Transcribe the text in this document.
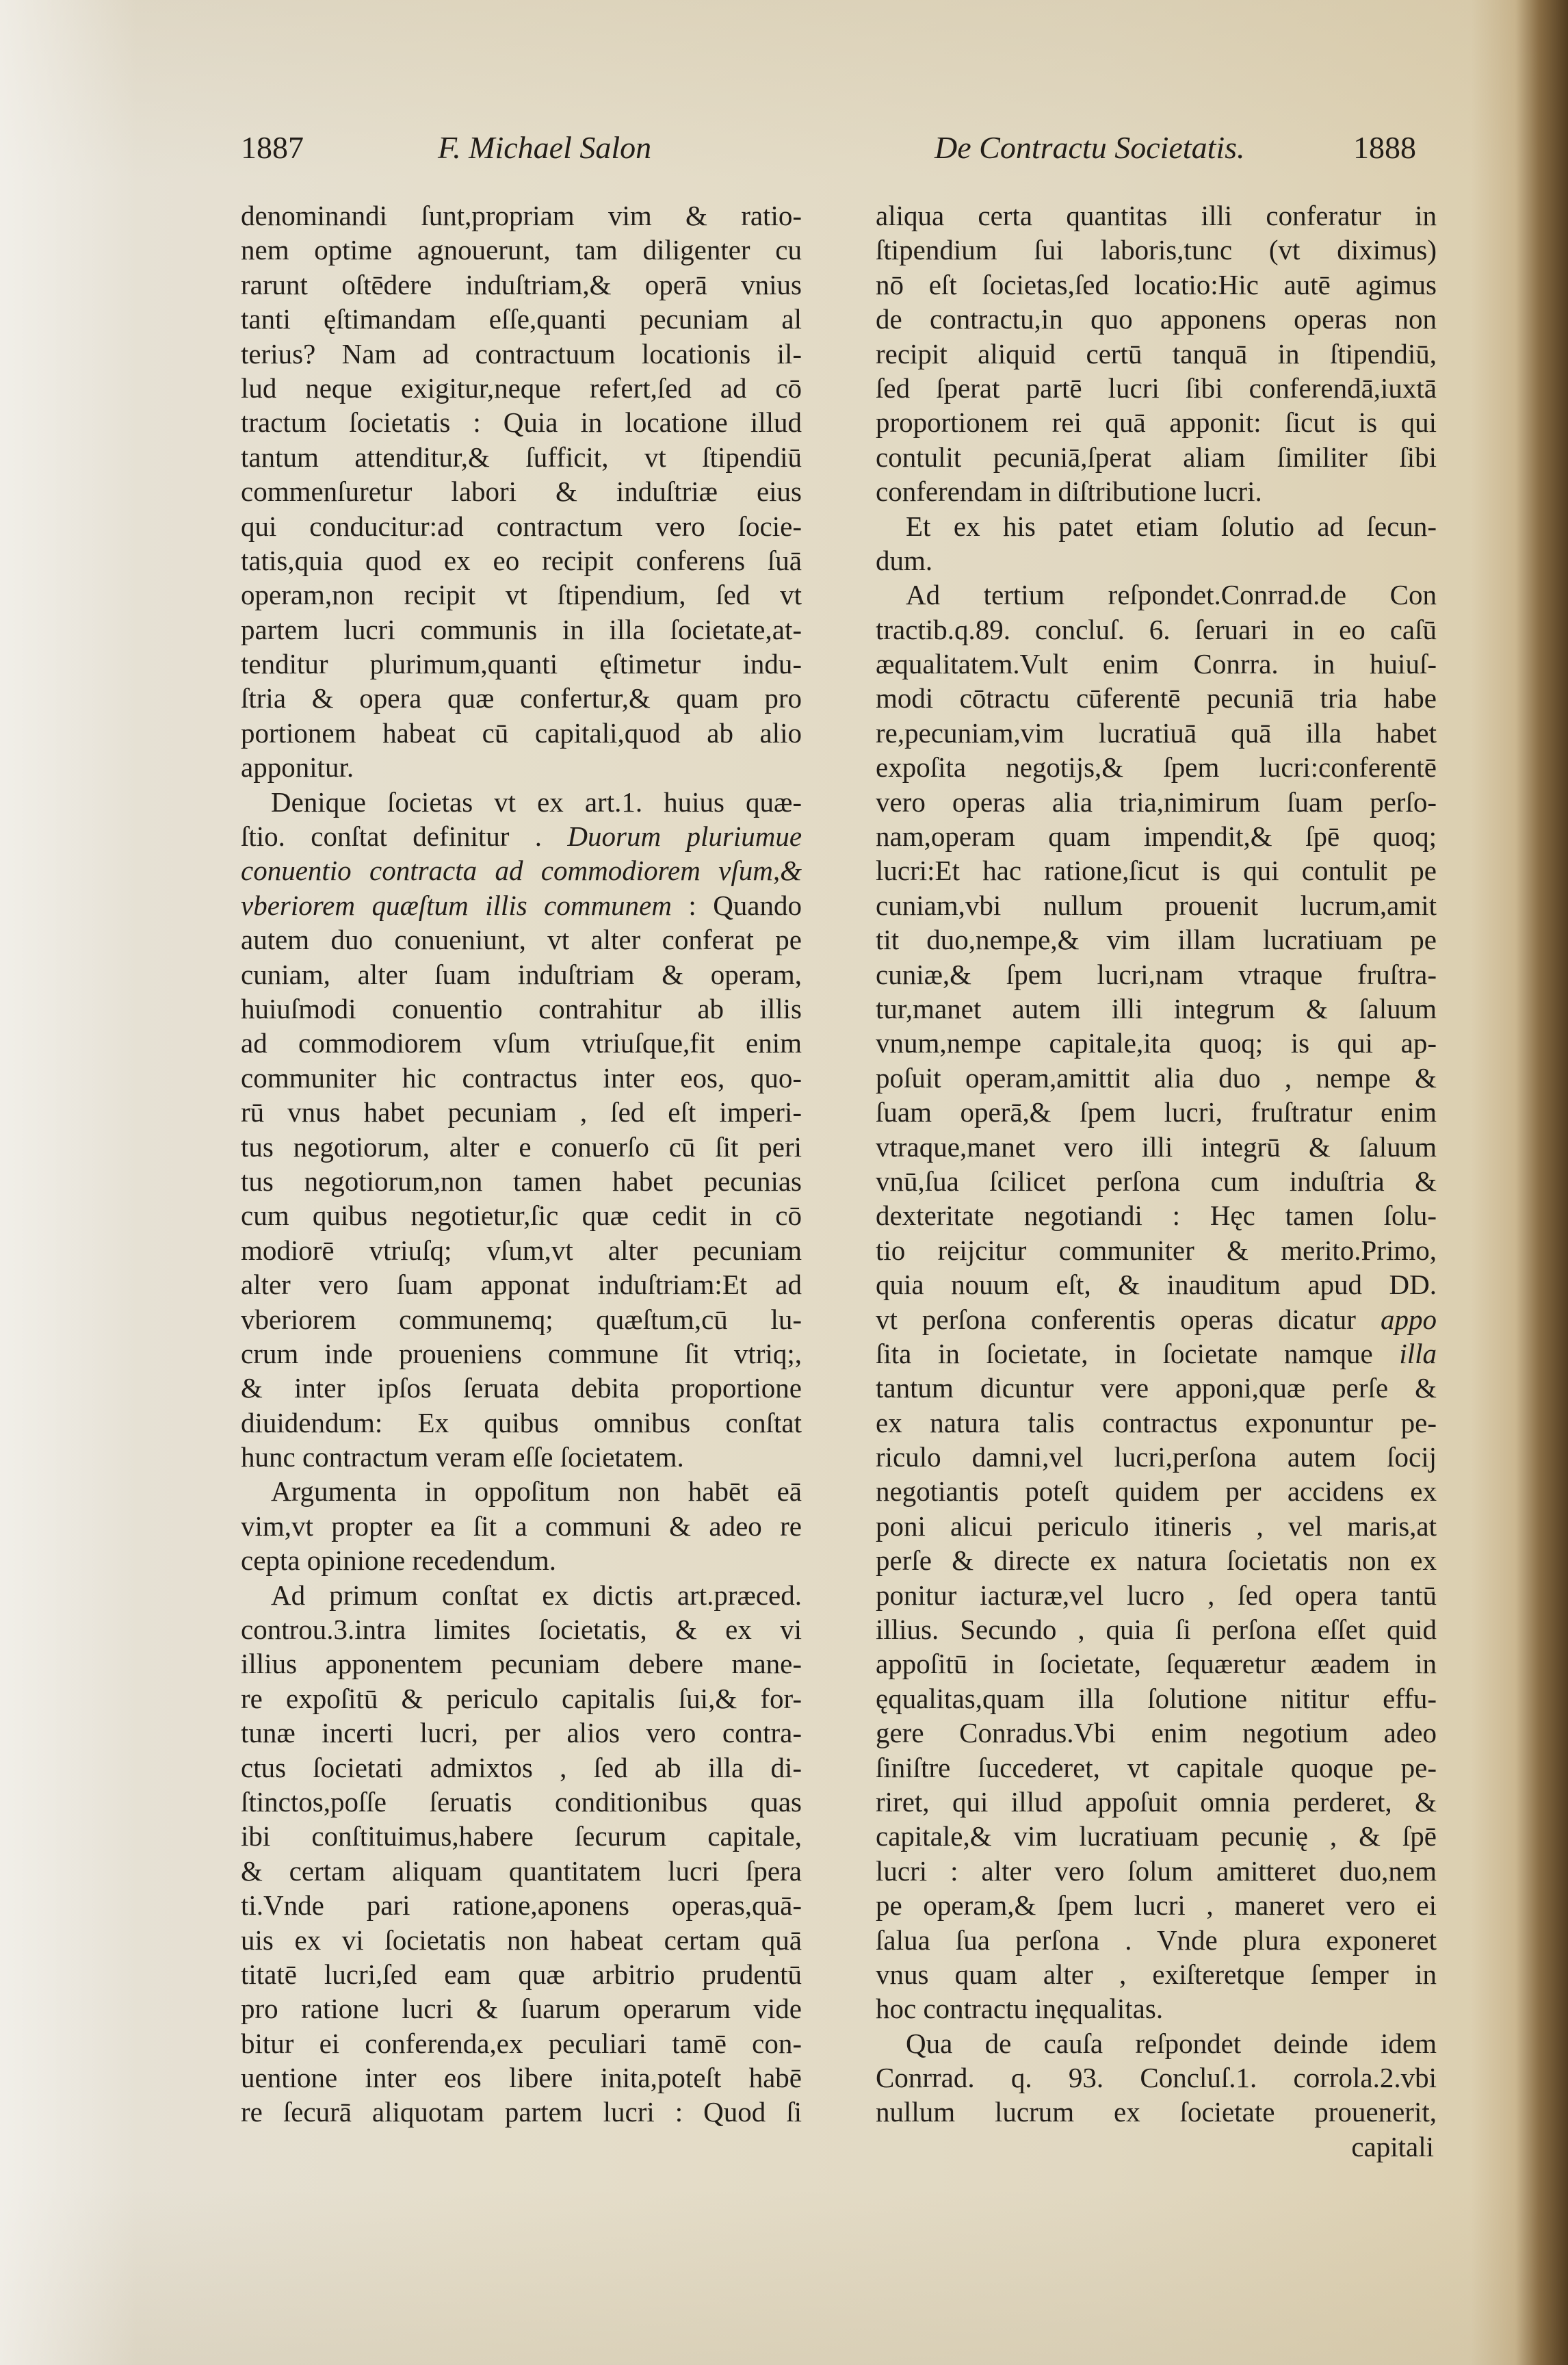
1887	F. Michael Salon	De Contractu Societatis.	1888
denominandi ſunt,propriam vim & ratio-
nem optime agnouerunt, tam diligenter cu
rarunt oſtēdere induſtriam,& operā vnius
tanti ęſtimandam eſſe,quanti pecuniam al
terius? Nam ad contractuum locationis il-
lud neque exigitur,neque refert,ſed ad cō
tractum ſocietatis : Quia in locatione illud
tantum attenditur,& ſufficit, vt ſtipendiū
commenſuretur labori & induſtriæ eius
qui conducitur:ad contractum vero ſocie-
tatis,quia quod ex eo recipit conferens ſuā
operam,non recipit vt ſtipendium, ſed vt
partem lucri communis in illa ſocietate,at-
tenditur plurimum,quanti ęſtimetur indu-
ſtria & opera quæ confertur,& quam pro
portionem habeat cū capitali,quod ab alio
apponitur.
Denique ſocietas vt ex art.1. huius quæ-
ſtio. conſtat definitur . Duorum pluriumue
conuentio contracta ad commodiorem vſum,&
vberiorem quæſtum illis communem : Quando
autem duo conueniunt, vt alter conferat pe
cuniam, alter ſuam induſtriam & operam,
huiuſmodi conuentio contrahitur ab illis
ad commodiorem vſum vtriuſque,fit enim
communiter hic contractus inter eos, quo-
rū vnus habet pecuniam , ſed eſt imperi-
tus negotiorum, alter e conuerſo cū ſit peri
tus negotiorum,non tamen habet pecunias
cum quibus negotietur,ſic quæ cedit in cō
modiorē vtriuſq; vſum,vt alter pecuniam
alter vero ſuam apponat induſtriam:Et ad
vberiorem communemq; quæſtum,cū lu-
crum inde proueniens commune ſit vtriq;,
& inter ipſos ſeruata debita proportione
diuidendum: Ex quibus omnibus conſtat
hunc contractum veram eſſe ſocietatem.
Argumenta in oppoſitum non habēt eā
vim,vt propter ea ſit a communi & adeo re
cepta opinione recedendum.
Ad primum conſtat ex dictis art.præced.
controu.3.intra limites ſocietatis, & ex vi
illius apponentem pecuniam debere mane-
re expoſitū & periculo capitalis ſui,& for-
tunæ incerti lucri, per alios vero contra-
ctus ſocietati admixtos , ſed ab illa di-
ſtinctos,poſſe ſeruatis conditionibus quas
ibi conſtituimus,habere ſecurum capitale,
& certam aliquam quantitatem lucri ſpera
ti.Vnde pari ratione,aponens operas,quā-
uis ex vi ſocietatis non habeat certam quā
titatē lucri,ſed eam quæ arbitrio prudentū
pro ratione lucri & ſuarum operarum vide
bitur ei conferenda,ex peculiari tamē con-
uentione inter eos libere inita,poteſt habē
re ſecurā aliquotam partem lucri : Quod ſi
aliqua certa quantitas illi conferatur in
ſtipendium ſui laboris,tunc (vt diximus)
nō eſt ſocietas,ſed locatio:Hic autē agimus
de contractu,in quo apponens operas non
recipit aliquid certū tanquā in ſtipendiū,
ſed ſperat partē lucri ſibi conferendā,iuxtā
proportionem rei quā apponit: ſicut is qui
contulit pecuniā,ſperat aliam ſimiliter ſibi
conferendam in diſtributione lucri.
Et ex his patet etiam ſolutio ad ſecun-
dum.
Ad tertium reſpondet.Conrrad.de Con
tractib.q.89. concluſ. 6. ſeruari in eo caſū
æqualitatem.Vult enim Conrra. in huiuſ-
modi cōtractu cūferentē pecuniā tria habe
re,pecuniam,vim lucratiuā quā illa habet
expoſita negotijs,& ſpem lucri:conferentē
vero operas alia tria,nimirum ſuam perſo-
nam,operam quam impendit,& ſpē quoq;
lucri:Et hac ratione,ſicut is qui contulit pe
cuniam,vbi nullum prouenit lucrum,amit
tit duo,nempe,& vim illam lucratiuam pe
cuniæ,& ſpem lucri,nam vtraque fruſtra-
tur,manet autem illi integrum & ſaluum
vnum,nempe capitale,ita quoq; is qui ap-
poſuit operam,amittit alia duo , nempe &
ſuam operā,& ſpem lucri, fruſtratur enim
vtraque,manet vero illi integrū & ſaluum
vnū,ſua ſcilicet perſona cum induſtria &
dexteritate negotiandi : Hęc tamen ſolu-
tio reijcitur communiter & merito.Primo,
quia nouum eſt, & inauditum apud DD.
vt perſona conferentis operas dicatur appo
ſita in ſocietate, in ſocietate namque illa
tantum dicuntur vere apponi,quæ perſe &
ex natura talis contractus exponuntur pe-
riculo damni,vel lucri,perſona autem ſocij
negotiantis poteſt quidem per accidens ex
poni alicui periculo itineris , vel maris,at
perſe & directe ex natura ſocietatis non ex
ponitur iacturæ,vel lucro , ſed opera tantū
illius. Secundo , quia ſi perſona eſſet quid
appoſitū in ſocietate, ſequæretur æadem in
ęqualitas,quam illa ſolutione nititur effu-
gere Conradus.Vbi enim negotium adeo
ſiniſtre ſuccederet, vt capitale quoque pe-
riret, qui illud appoſuit omnia perderet, &
capitale,& vim lucratiuam pecunię , & ſpē
lucri : alter vero ſolum amitteret duo,nem
pe operam,& ſpem lucri , maneret vero ei
ſalua ſua perſona . Vnde plura exponeret
vnus quam alter , exiſteretque ſemper in
hoc contractu inęqualitas.
Qua de cauſa reſpondet deinde idem
Conrrad. q. 93. Concluſ.1. corrola.2.vbi
nullum lucrum ex ſocietate prouenerit,
capitali
